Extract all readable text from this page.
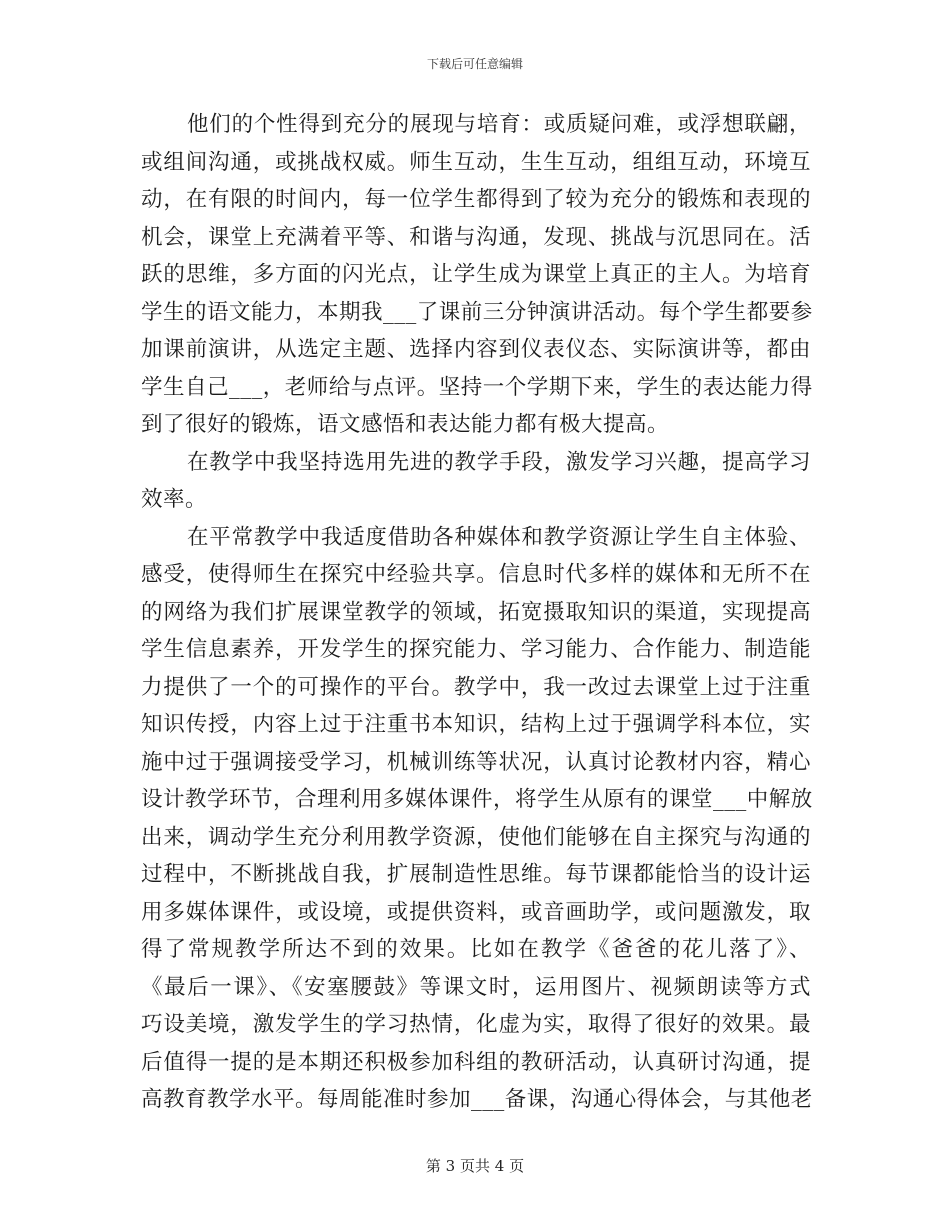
下载后可任意编辑
他们的个性得到充分的展现与培育：或质疑问难，或浮想联翩，
或组间沟通，或挑战权威。师生互动，生生互动，组组互动，环境互
动，在有限的时间内，每一位学生都得到了较为充分的锻炼和表现的
机会，课堂上充满着平等、和谐与沟通，发现、挑战与沉思同在。活
跃的思维，多方面的闪光点，让学生成为课堂上真正的主人。为培育
学生的语文能力，本期我___了课前三分钟演讲活动。每个学生都要参
加课前演讲，从选定主题、选择内容到仪表仪态、实际演讲等，都由
学生自己___，老师给与点评。坚持一个学期下来，学生的表达能力得
到了很好的锻炼，语文感悟和表达能力都有极大提高。
在教学中我坚持选用先进的教学手段，激发学习兴趣，提高学习
效率。
在平常教学中我适度借助各种媒体和教学资源让学生自主体验、
感受，使得师生在探究中经验共享。信息时代多样的媒体和无所不在
的网络为我们扩展课堂教学的领域，拓宽摄取知识的渠道，实现提高
学生信息素养，开发学生的探究能力、学习能力、合作能力、制造能
力提供了一个的可操作的平台。教学中，我一改过去课堂上过于注重
知识传授，内容上过于注重书本知识，结构上过于强调学科本位，实
施中过于强调接受学习，机械训练等状况，认真讨论教材内容，精心
设计教学环节，合理利用多媒体课件，将学生从原有的课堂___中解放
出来，调动学生充分利用教学资源，使他们能够在自主探究与沟通的
过程中，不断挑战自我，扩展制造性思维。每节课都能恰当的设计运
用多媒体课件，或设境，或提供资料，或音画助学，或问题激发，取
得了常规教学所达不到的效果。比如在教学《爸爸的花儿落了》、
《最后一课》、《安塞腰鼓》等课文时，运用图片、视频朗读等方式
巧设美境，激发学生的学习热情，化虚为实，取得了很好的效果。最
后值得一提的是本期还积极参加科组的教研活动，认真研讨沟通，提
高教育教学水平。每周能准时参加___备课，沟通心得体会，与其他老
第 3 页共 4 页
